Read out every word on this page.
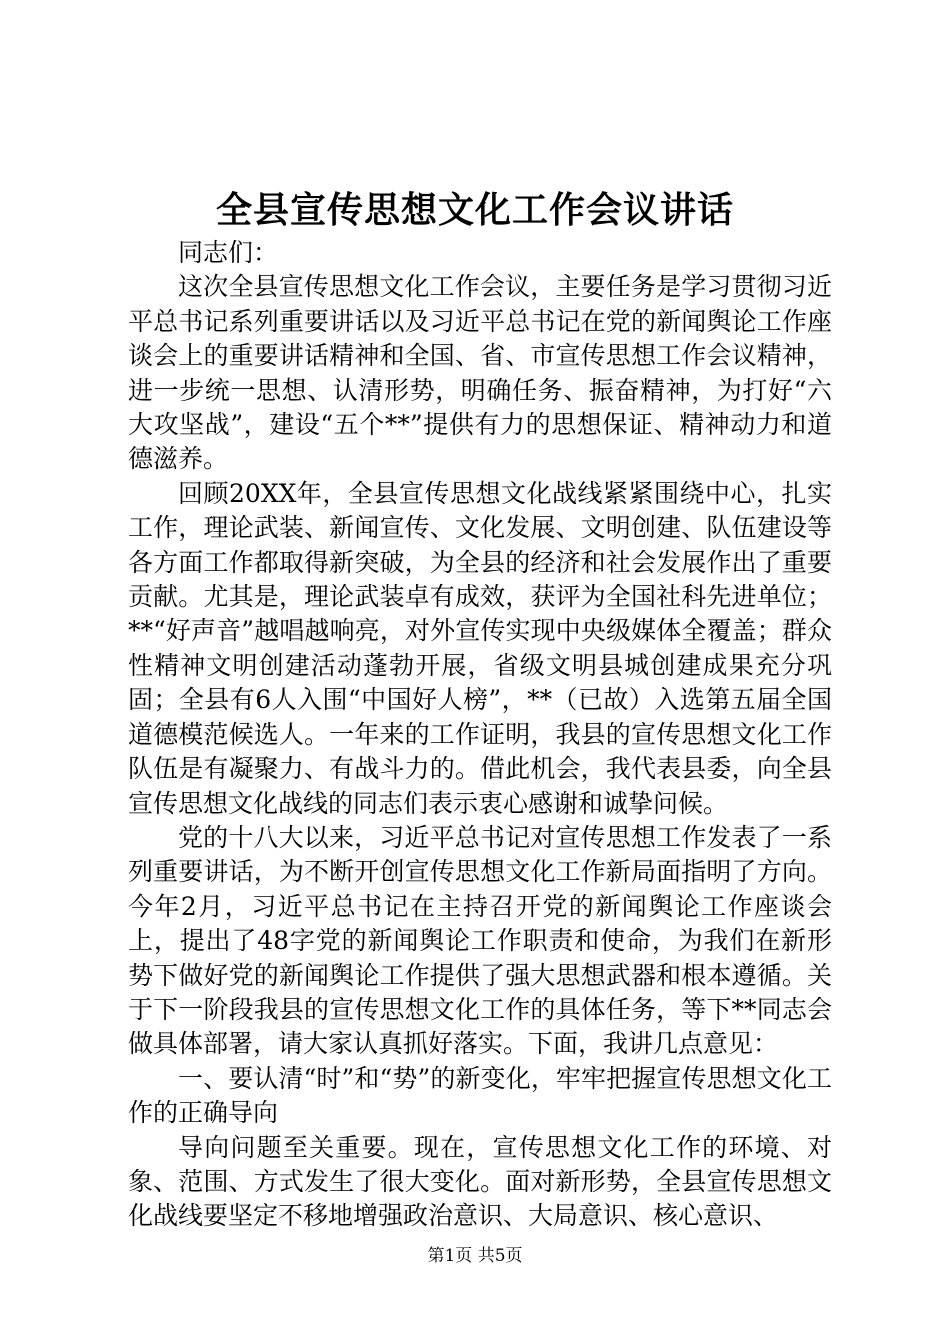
全县宣传思想文化工作会议讲话

同志们：

这次全县宣传思想文化工作会议，主要任务是学习贯彻习近平总书记系列重要讲话以及习近平总书记在党的新闻舆论工作座谈会上的重要讲话精神和全国、省、市宣传思想工作会议精神，进一步统一思想、认清形势，明确任务、振奋精神，为打好“六大攻坚战”，建设“五个**”提供有力的思想保证、精神动力和道德滋养。

回顾20XX年，全县宣传思想文化战线紧紧围绕中心，扎实工作，理论武装、新闻宣传、文化发展、文明创建、队伍建设等各方面工作都取得新突破，为全县的经济和社会发展作出了重要贡献。尤其是，理论武装卓有成效，获评为全国社科先进单位；**“好声音”越唱越响亮，对外宣传实现中央级媒体全覆盖；群众性精神文明创建活动蓬勃开展，省级文明县城创建成果充分巩固；全县有6人入围“中国好人榜”，**（已故）入选第五届全国道德模范候选人。一年来的工作证明，我县的宣传思想文化工作队伍是有凝聚力、有战斗力的。借此机会，我代表县委，向全县宣传思想文化战线的同志们表示衷心感谢和诚挚问候。

党的十八大以来，习近平总书记对宣传思想工作发表了一系列重要讲话，为不断开创宣传思想文化工作新局面指明了方向。今年2月，习近平总书记在主持召开党的新闻舆论工作座谈会上，提出了48字党的新闻舆论工作职责和使命，为我们在新形势下做好党的新闻舆论工作提供了强大思想武器和根本遵循。关于下一阶段我县的宣传思想文化工作的具体任务，等下**同志会做具体部署，请大家认真抓好落实。下面，我讲几点意见：

一、要认清“时”和“势”的新变化，牢牢把握宣传思想文化工作的正确导向

导向问题至关重要。现在，宣传思想文化工作的环境、对象、范围、方式发生了很大变化。面对新形势，全县宣传思想文化战线要坚定不移地增强政治意识、大局意识、核心意识、

第1页 共5页
